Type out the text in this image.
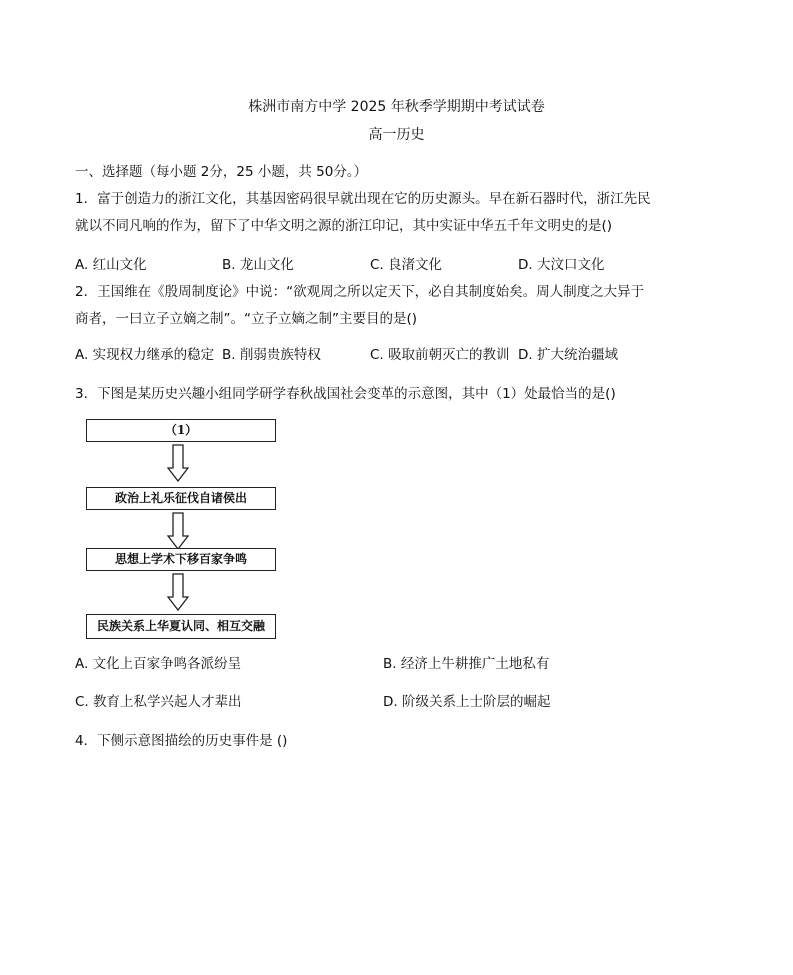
株洲市南方中学 2025 年秋季学期期中考试试卷
高一历史
一、选择题（每小题 2分，25 小题，共 50分。）
1．富于创造力的浙江文化，其基因密码很早就出现在它的历史源头。早在新石器时代，浙江先民
就以不同凡响的作为，留下了中华文明之源的浙江印记，其中实证中华五千年文明史的是()
A. 红山文化	B. 龙山文化	C. 良渚文化	D. 大汶口文化
2．王国维在《殷周制度论》中说：“欲观周之所以定天下，必自其制度始矣。周人制度之大异于
商者，一曰立子立嫡之制”。“立子立嫡之制”主要目的是()
A. 实现权力继承的稳定 B. 削弱贵族特权	C. 吸取前朝灭亡的教训 D. 扩大统治疆域
3．下图是某历史兴趣小组同学研学春秋战国社会变革的示意图，其中（1）处最恰当的是()
（1）
政治上礼乐征伐自诸侯出
思想上学术下移百家争鸣
民族关系上华夏认同、相互交融
A. 文化上百家争鸣各派纷呈	B. 经济上牛耕推广土地私有
C. 教育上私学兴起人才辈出	D. 阶级关系上士阶层的崛起
4．下侧示意图描绘的历史事件是 ()
